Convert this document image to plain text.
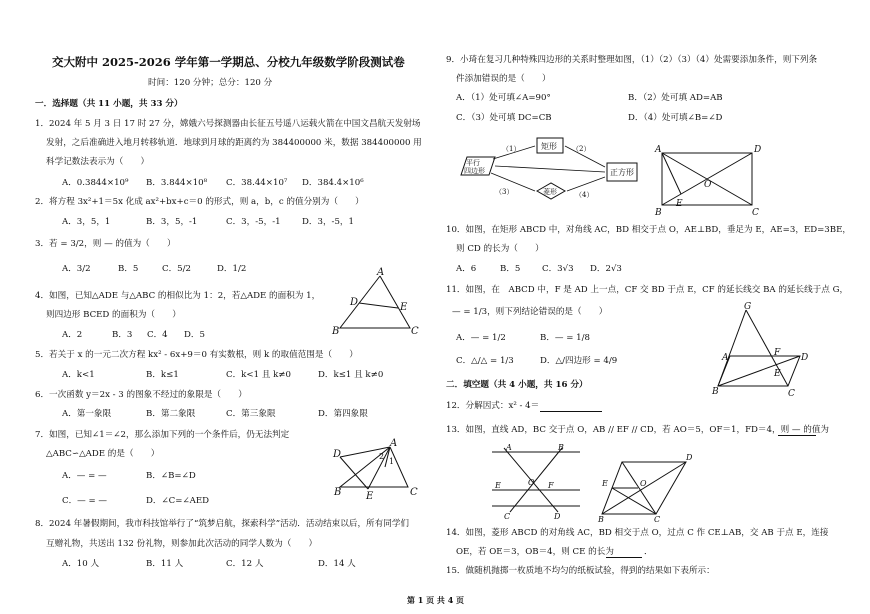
交大附中 2025-2026 学年第一学期总、分校九年级数学阶段测试卷
时间：120 分钟；总分：120 分
一．选择题（共 11 小题，共 33 分）
1．2024 年 5 月 3 日 17 时 27 分，嫦娥六号探测器由长征五号遥八运载火箭在中国文昌航天发射场
发射，之后准确进入地月转移轨道．地球到月球的距离约为 384400000 米，数据 384400000 用
科学记数法表示为（　　）
A．0.3844×10⁹ B．3.844×10⁸ C．38.44×10⁷ D．384.4×10⁶
2．将方程 3x²+1＝5x 化成 ax²+bx+c＝0 的形式，则 a，b，c 的值分别为（　　）
A．3，5，1	B．3，5，-1	C．3，-5，-1 D．3，-5，1
3．若 = 3/2，则 — 的值为（　　）
A．3/2	B．5	C．5/2	D．1/2
4．如图，已知△ADE 与△ABC 的相似比为 1：2，若△ADE 的面积为 1，
则四边形 BCED 的面积为（　　）
A．2	B．3 C．4 D．5
A
D	E
B	C
5．若关于 x 的一元二次方程 kx² - 6x+9＝0 有实数根，则 k 的取值范围是（　　）
A．k<1	B．k≤1	C．k<1 且 k≠0	D．k≤1 且 k≠0
6．一次函数 y＝2x - 3 的图象不经过的象限是（　　）
A．第一象限	B．第二象限	C．第三象限	D．第四象限
7．如图，已知∠1＝∠2，那么添加下列的一个条件后，仍无法判定
△ABC∽△ADE 的是（　　）
A．— = —	B．∠B=∠D
C．— = —	D．∠C=∠AED
A
D
E
B	C
2
1
8．2024 年暑假期间，我市科技馆举行了“筑梦启航，探索科学”活动．活动结束以后，所有同学们
互赠礼物，共送出 132 份礼物，则参加此次活动的同学人数为（　　）
A．10 人	B．11 人	C．12 人	D．14 人
9．小琦在复习几种特殊四边形的关系时整理如图，（1）（2）（3）（4）处需要添加条件，则下列条
件添加错误的是（　　）
A．（1）处可填∠A=90°	B．（2）处可填 AD=AB
C．（3）处可填 DC=CB	D．（4）处可填∠B=∠D
平行
四边形
矩形
菱形
正方形
（1）	（2）
（3）	（4）
A	D
B
E
O
C
10．如图，在矩形 ABCD 中，对角线 AC，BD 相交于点 O，AE⊥BD，垂足为 E，AE=3，ED=3BE，
则 CD 的长为（　　）
A．6	B．5	C．3√3 D．2√3
11．如图，在　ABCD 中，F 是 AD 上一点，CF 交 BD 于点 E，CF 的延长线交 BA 的延长线于点 G，
— = 1/3，则下列结论错误的是（　　）
A．— = 1/2	B．— = 1/8
C．△/△ = 1/3	D．△/四边形 = 4/9
G
A	F D
E
B	C
二．填空题（共 4 小题，共 16 分）
12．分解因式：x² - 4＝
13．如图，直线 AD，BC 交于点 O，AB // EF // CD，若 AO＝5，OF＝1，FD＝4，则 — 的值为
A	B
E	O F
C	D
D
E	O
B	C
14．如图，菱形 ABCD 的对角线 AC，BD 相交于点 O，过点 C 作 CE⊥AB，交 AB 于点 E，连接
OE，若 OE＝3，OB＝4，则 CE 的长为	．
15．做随机抛掷一枚质地不均匀的纸板试验，得到的结果如下表所示：
第 1 页 共 4 页
